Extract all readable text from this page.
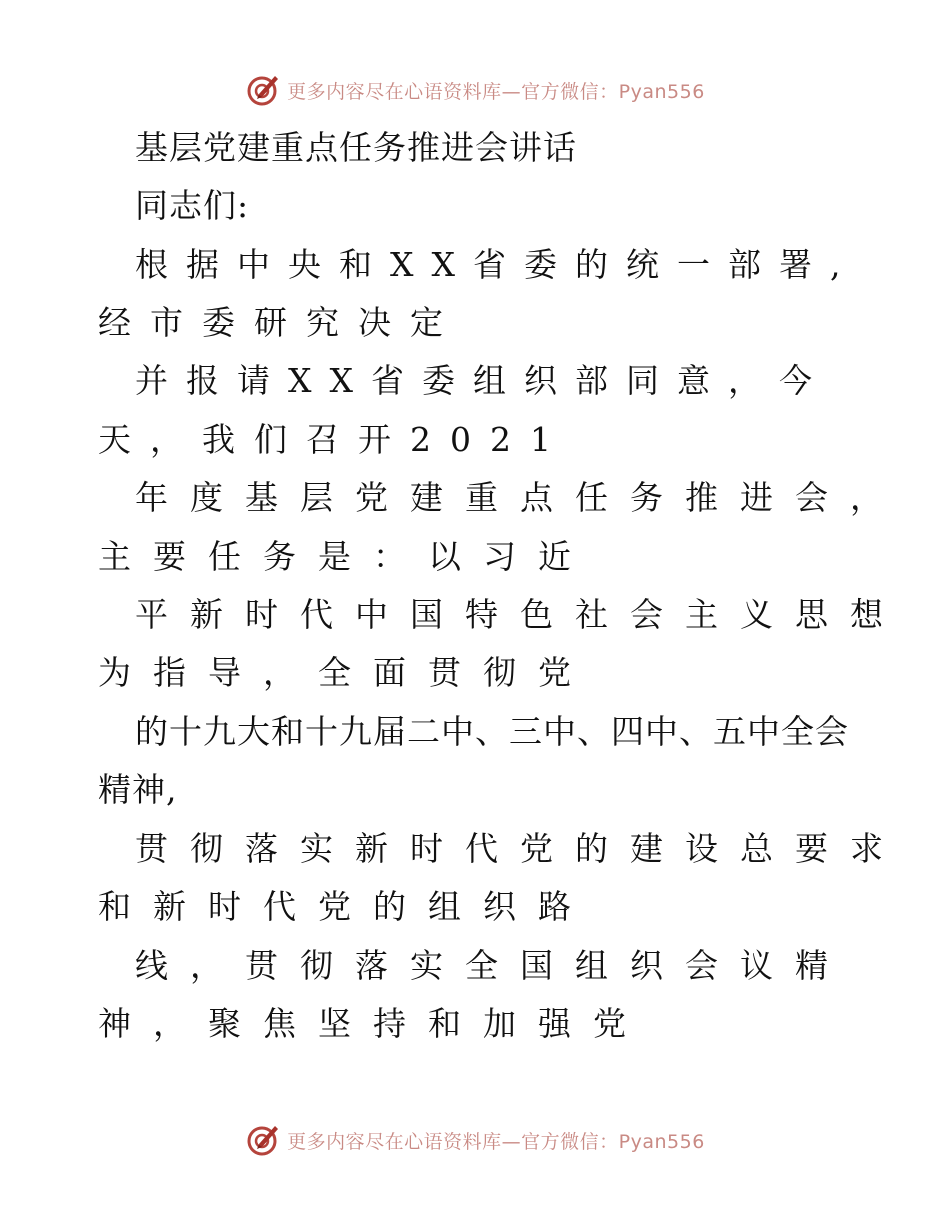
更多内容尽在心语资料库—官方微信：Pyan556
基层党建重点任务推进会讲话
同志们:
根据中央和XX省委的统一部署,
经市委研究决定
并报请XX省委组织部同意，今
天，我们召开2021
年度基层党建重点任务推进会，
主要任务是：以习近
平新时代中国特色社会主义思想
为指导，全面贯彻党
的十九大和十九届二中、三中、四中、五中全会
精神,
贯彻落实新时代党的建设总要求
和新时代党的组织路
线，贯彻落实全国组织会议精
神，聚焦坚持和加强党
更多内容尽在心语资料库—官方微信：Pyan556
